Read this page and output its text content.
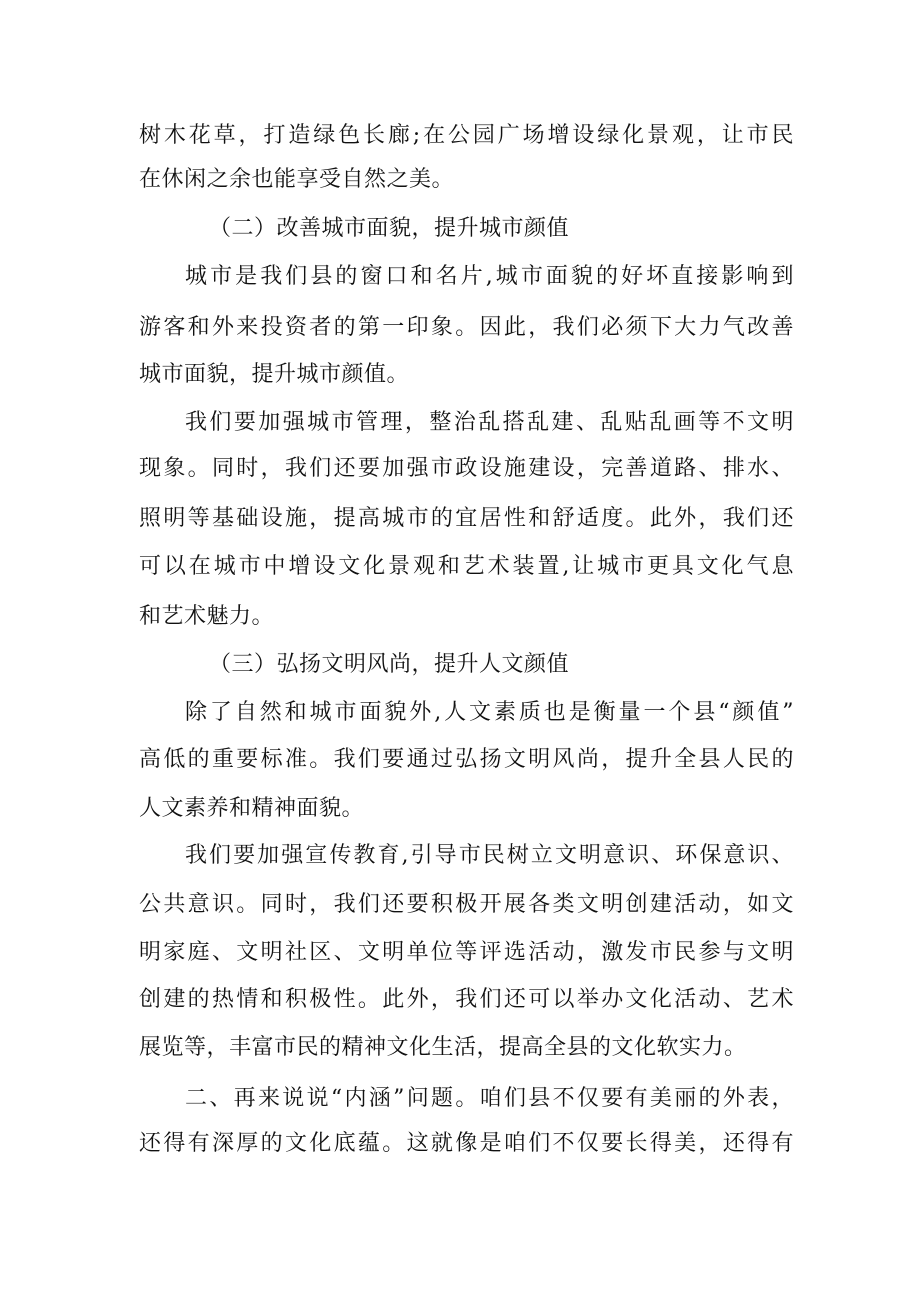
树木花草，打造绿色长廊;在公园广场增设绿化景观，让市民
在休闲之余也能享受自然之美。
（二）改善城市面貌，提升城市颜值
城市是我们县的窗口和名片,城市面貌的好坏直接影响到
游客和外来投资者的第一印象。因此，我们必须下大力气改善
城市面貌，提升城市颜值。
我们要加强城市管理，整治乱搭乱建、乱贴乱画等不文明
现象。同时，我们还要加强市政设施建设，完善道路、排水、
照明等基础设施，提高城市的宜居性和舒适度。此外，我们还
可以在城市中增设文化景观和艺术装置,让城市更具文化气息
和艺术魅力。
（三）弘扬文明风尚，提升人文颜值
除了自然和城市面貌外,人文素质也是衡量一个县“颜值”
高低的重要标准。我们要通过弘扬文明风尚，提升全县人民的
人文素养和精神面貌。
我们要加强宣传教育,引导市民树立文明意识、环保意识、
公共意识。同时，我们还要积极开展各类文明创建活动，如文
明家庭、文明社区、文明单位等评选活动，激发市民参与文明
创建的热情和积极性。此外，我们还可以举办文化活动、艺术
展览等，丰富市民的精神文化生活，提高全县的文化软实力。
二、再来说说“内涵”问题。咱们县不仅要有美丽的外表，
还得有深厚的文化底蕴。这就像是咱们不仅要长得美，还得有
